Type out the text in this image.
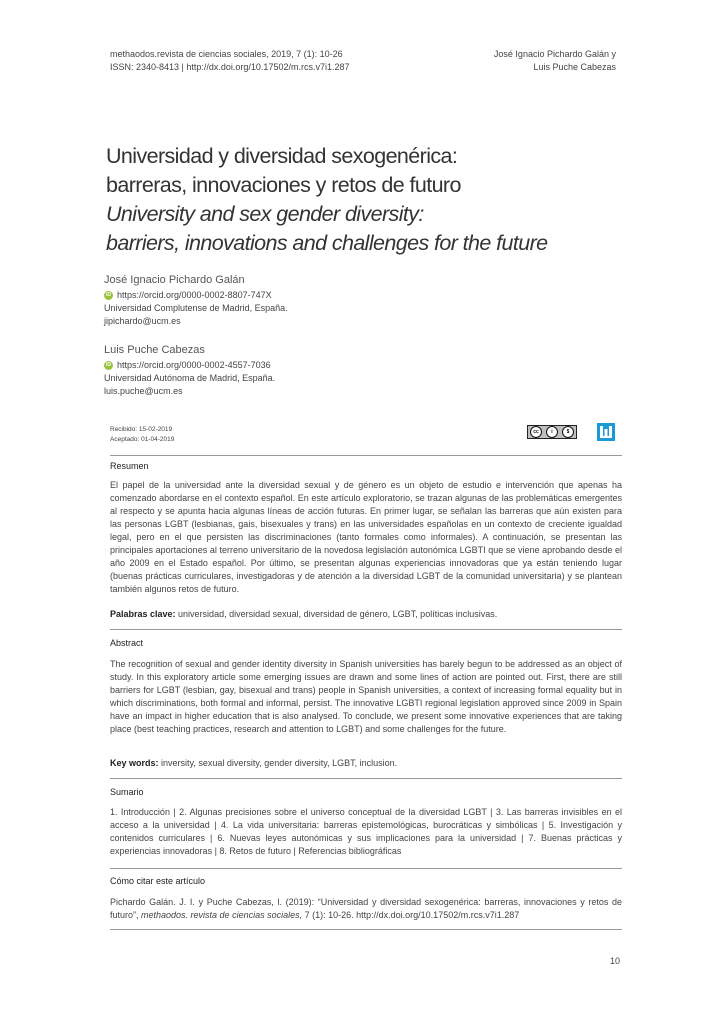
methaodos.revista de ciencias sociales, 2019, 7 (1): 10-26
ISSN: 2340-8413 | http://dx.doi.org/10.17502/m.rcs.v7i1.287
José Ignacio Pichardo Galán y
Luis Puche Cabezas
Universidad y diversidad sexogenérica:
barreras, innovaciones y retos de futuro
University and sex gender diversity:
barriers, innovations and challenges for the future
José Ignacio Pichardo Galán
iD https://orcid.org/0000-0002-8807-747X
Universidad Complutense de Madrid, España.
jipichardo@ucm.es
Luis Puche Cabezas
iD https://orcid.org/0000-0002-4557-7036
Universidad Autónoma de Madrid, España.
luis.puche@ucm.es
Recibido: 15-02-2019
Aceptado: 01-04-2019
cc	i	$
Resumen
El papel de la universidad ante la diversidad sexual y de género es un objeto de estudio e intervención que apenas ha comenzado abordarse en el contexto español. En este artículo exploratorio, se trazan algunas de las problemáticas emergentes al respecto y se apunta hacia algunas líneas de acción futuras. En primer lugar, se señalan las barreras que aún existen para las personas LGBT (lesbianas, gais, bisexuales y trans) en las universidades españolas en un contexto de creciente igualdad legal, pero en el que persisten las discriminaciones (tanto formales como informales). A continuación, se presentan las principales aportaciones al terreno universitario de la novedosa legislación autonómica LGBTI que se viene aprobando desde el año 2009 en el Estado español. Por último, se presentan algunas experiencias innovadoras que ya están teniendo lugar (buenas prácticas curriculares, investigadoras y de atención a la diversidad LGBT de la comunidad universitaria) y se plantean también algunos retos de futuro.
Palabras clave: universidad, diversidad sexual, diversidad de género, LGBT, políticas inclusivas.
Abstract
The recognition of sexual and gender identity diversity in Spanish universities has barely begun to be addressed as an object of study. In this exploratory article some emerging issues are drawn and some lines of action are pointed out. First, there are still barriers for LGBT (lesbian, gay, bisexual and trans) people in Spanish universities, a context of increasing formal equality but in which discriminations, both formal and informal, persist. The innovative LGBTI regional legislation approved since 2009 in Spain have an impact in higher education that is also analysed. To conclude, we present some innovative experiences that are taking place (best teaching practices, research and attention to LGBT) and some challenges for the future.
Key words: inversity, sexual diversity, gender diversity, LGBT, inclusion.
Sumario
1. Introducción | 2. Algunas precisiones sobre el universo conceptual de la diversidad LGBT | 3. Las barreras invisibles en el acceso a la universidad | 4. La vida universitaria: barreras epistemológicas, burocráticas y simbólicas | 5. Investigación y contenidos curriculares | 6. Nuevas leyes autonómicas y sus implicaciones para la universidad | 7. Buenas prácticas y experiencias innovadoras | 8. Retos de futuro | Referencias bibliográficas
Cómo citar este artículo
Pichardo Galán. J. I. y Puche Cabezas, l. (2019): “Universidad y diversidad sexogenérica: barreras, innovaciones y retos de futuro”, methaodos. revista de ciencias sociales, 7 (1): 10-26. http://dx.doi.org/10.17502/m.rcs.v7i1.287
10
